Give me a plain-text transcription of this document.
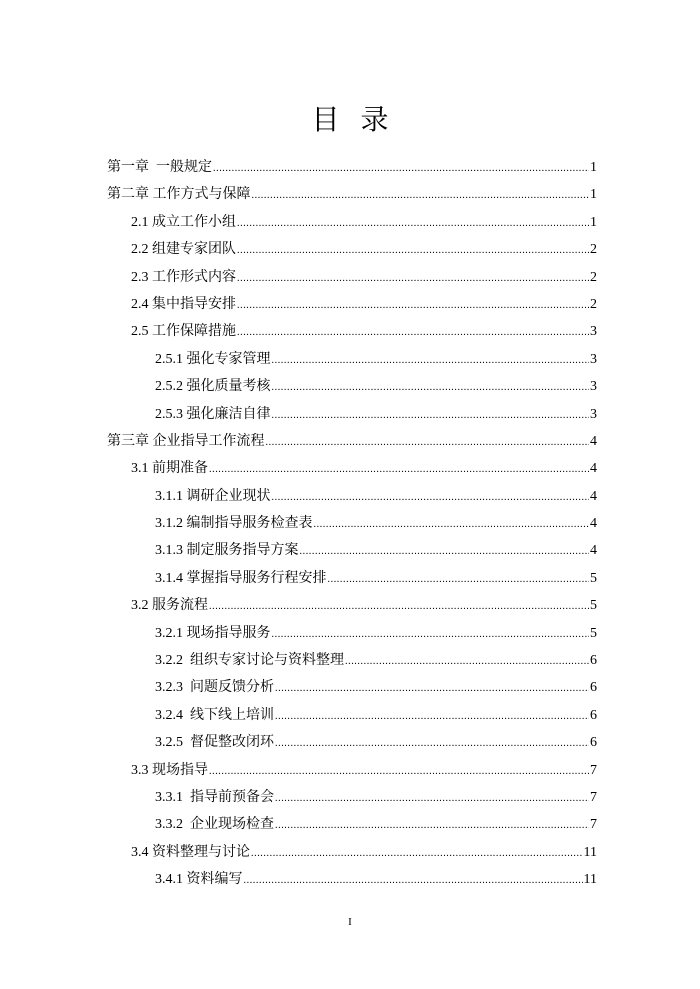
目 录
第一章  一般规定 .....	1
第二章 工作方式与保障 .....	1
2.1 成立工作小组 .....	1
2.2 组建专家团队 .....	2
2.3 工作形式内容 .....	2
2.4 集中指导安排 .....	2
2.5 工作保障措施 .....	3
2.5.1 强化专家管理 .....	3
2.5.2 强化质量考核 .....	3
2.5.3 强化廉洁自律 .....	3
第三章 企业指导工作流程 .....	4
3.1 前期准备 .....	4
3.1.1 调研企业现状 .....	4
3.1.2 编制指导服务检查表 .....	4
3.1.3 制定服务指导方案 .....	4
3.1.4 掌握指导服务行程安排 .....	5
3.2 服务流程 .....	5
3.2.1 现场指导服务 .....	5
3.2.2  组织专家讨论与资料整理 .....	6
3.2.3  问题反馈分析 .....	6
3.2.4  线下线上培训 .....	6
3.2.5  督促整改闭环 .....	6
3.3 现场指导 .....	7
3.3.1  指导前预备会 .....	7
3.3.2  企业现场检查 .....	7
3.4 资料整理与讨论 .....	11
3.4.1 资料编写 .....	11
I
